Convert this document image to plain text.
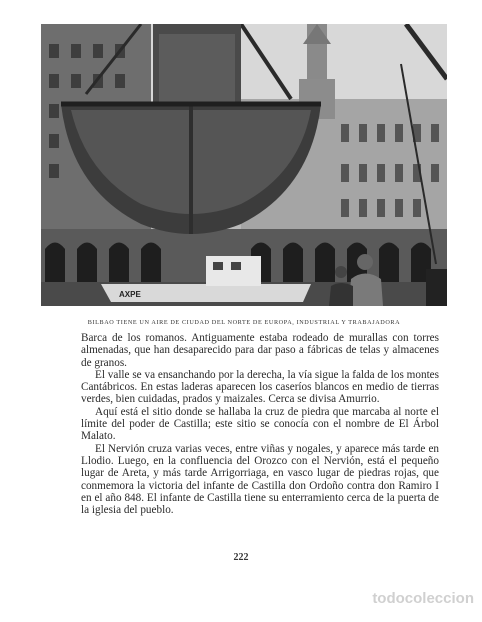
AXPE
BILBAO TIENE UN AIRE DE CIUDAD DEL NORTE DE EUROPA, INDUSTRIAL Y TRABAJADORA

Barca de los romanos. Antiguamente estaba rodeado de murallas con torres almenadas, que han desaparecido para dar paso a fábricas de telas y almacenes de granos.

El valle se va ensanchando por la derecha, la vía sigue la falda de los montes Cantábricos. En estas laderas aparecen los caseríos blancos en medio de tierras verdes, bien cuidadas, prados y maizales. Cerca se divisa Amurrio.

Aquí está el sitio donde se hallaba la cruz de piedra que marcaba al norte el límite del poder de Castilla; este sitio se conocía con el nombre de El Árbol Malato.

El Nervión cruza varias veces, entre viñas y nogales, y aparece más tarde en Llodio. Luego, en la confluencia del Orozco con el Nervión, está el pequeño lugar de Areta, y más tarde Arrigorriaga, en vasco lugar de piedras rojas, que conmemora la victoria del infante de Castilla don Ordoño contra don Ramiro I en el año 848. El infante de Castilla tiene su enterramiento cerca de la puerta de la iglesia del pueblo.

222
todocoleccion
